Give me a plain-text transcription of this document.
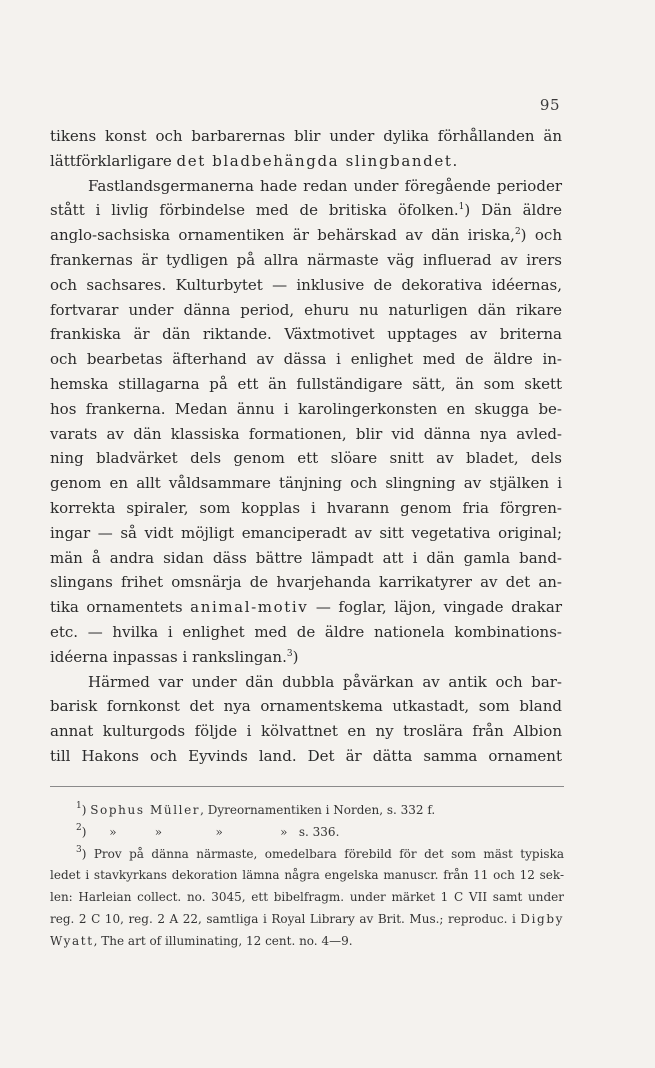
95
tikens konst och barbarernas blir under dylika förhållanden än
lättförklarligare det bladbehängda slingbandet.
Fastlandsgermanerna hade redan under föregående perioder
stått i livlig förbindelse med de britiska öfolken.$^1$) Dän äldre
anglo-sachsiska ornamentiken är behärskad av dän iriska,$^2$) och
frankernas är tydligen på allra närmaste väg influerad av irers
och sachsares. Kulturbytet — inklusive de dekorativa idéernas,
fortvarar under dänna period, ehuru nu naturligen dän rikare
frankiska är dän riktande. Växtmotivet upptages av briterna
och bearbetas äfterhand av dässa i enlighet med de äldre in-
hemska stillagarna på ett än fullständigare sätt, än som skett
hos frankerna. Medan ännu i karolingerkonsten en skugga be-
varats av dän klassiska formationen, blir vid dänna nya avled-
ning bladvärket dels genom ett slöare snitt av bladet, dels
genom en allt våldsammare tänjning och slingning av stjälken i
korrekta spiraler, som kopplas i hvarann genom fria förgren-
ingar — så vidt möjligt emanciperadt av sitt vegetativa original;
män å andra sidan däss bättre lämpadt att i dän gamla band-
slingans frihet omsnärja de hvarjehanda karrikatyrer av det an-
tika ornamentets animal-motiv — foglar, läjon, vingade drakar
etc. — hvilka i enlighet med de äldre nationela kombinations-
idéerna inpassas i rankslingan.$^3$)
Härmed var under dän dubbla påvärkan av antik och bar-
barisk fornkonst det nya ornamentskema utkastadt, som bland
annat kulturgods följde i kölvattnet en ny troslära från Albion
till Hakons och Eyvinds land. Det är dätta samma ornament
$^1$) Sophus Müller, Dyreornamentiken i Norden, s. 332 f.
$^2$)      »          »              »               »   s. 336.
$^3$) Prov på dänna närmaste, omedelbara förebild för det som mäst typiska
ledet i stavkyrkans dekoration lämna några engelska manuscr. från 11 och 12 sek-
len: Harleian collect. no. 3045, ett bibelfragm. under märket 1 C VII samt under
reg. 2 C 10, reg. 2 A 22, samtliga i Royal Library av Brit. Mus.; reproduc. i Digby
Wyatt, The art of illuminating, 12 cent. no. 4—9.
